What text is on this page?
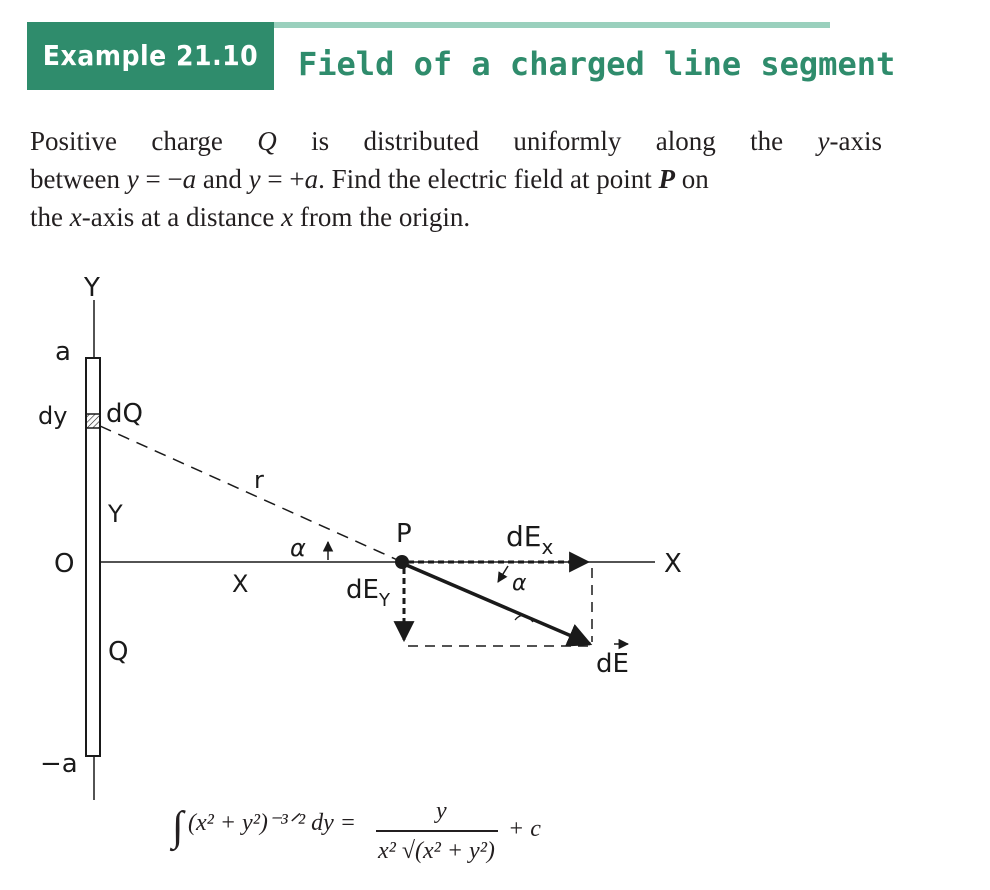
Example 21.10	Field of a charged line segment

Positive charge Q is distributed uniformly along the y-axis

between y = −a and y = +a. Find the electric field at point P on

the x-axis at a distance x from the origin.

Y
a
dy dQ
r
Y
α	P	$dE_x$
O	X
X	$dE_Y$
α
Q	dE
−a
∫ (x² + y²)⁻³ᐟ² dy =	y
x² √(x² + y²)
+ c
